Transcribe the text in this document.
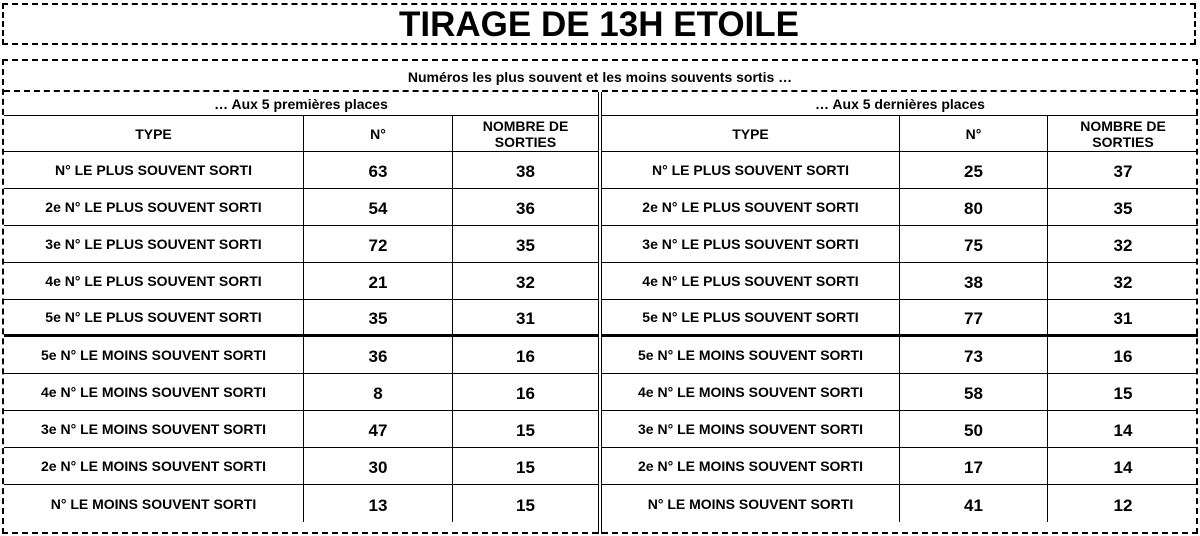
TIRAGE DE 13H ETOILE
Numéros les plus souvent et les moins souvents sortis …
… Aux 5 premières places
TYPE	N°	NOMBRE DE SORTIES
N° LE PLUS SOUVENT SORTI	63	38
2e N° LE PLUS SOUVENT SORTI	54	36
3e N° LE PLUS SOUVENT SORTI	72	35
4e N° LE PLUS SOUVENT SORTI	21	32
5e N° LE PLUS SOUVENT SORTI	35	31
5e N° LE MOINS SOUVENT SORTI	36	16
4e N° LE MOINS SOUVENT SORTI	8	16
3e N° LE MOINS SOUVENT SORTI	47	15
2e N° LE MOINS SOUVENT SORTI	30	15
N° LE MOINS SOUVENT SORTI	13	15
… Aux 5 dernières places
TYPE	N°	NOMBRE DE SORTIES
N° LE PLUS SOUVENT SORTI	25	37
2e N° LE PLUS SOUVENT SORTI	80	35
3e N° LE PLUS SOUVENT SORTI	75	32
4e N° LE PLUS SOUVENT SORTI	38	32
5e N° LE PLUS SOUVENT SORTI	77	31
5e N° LE MOINS SOUVENT SORTI	73	16
4e N° LE MOINS SOUVENT SORTI	58	15
3e N° LE MOINS SOUVENT SORTI	50	14
2e N° LE MOINS SOUVENT SORTI	17	14
N° LE MOINS SOUVENT SORTI	41	12
